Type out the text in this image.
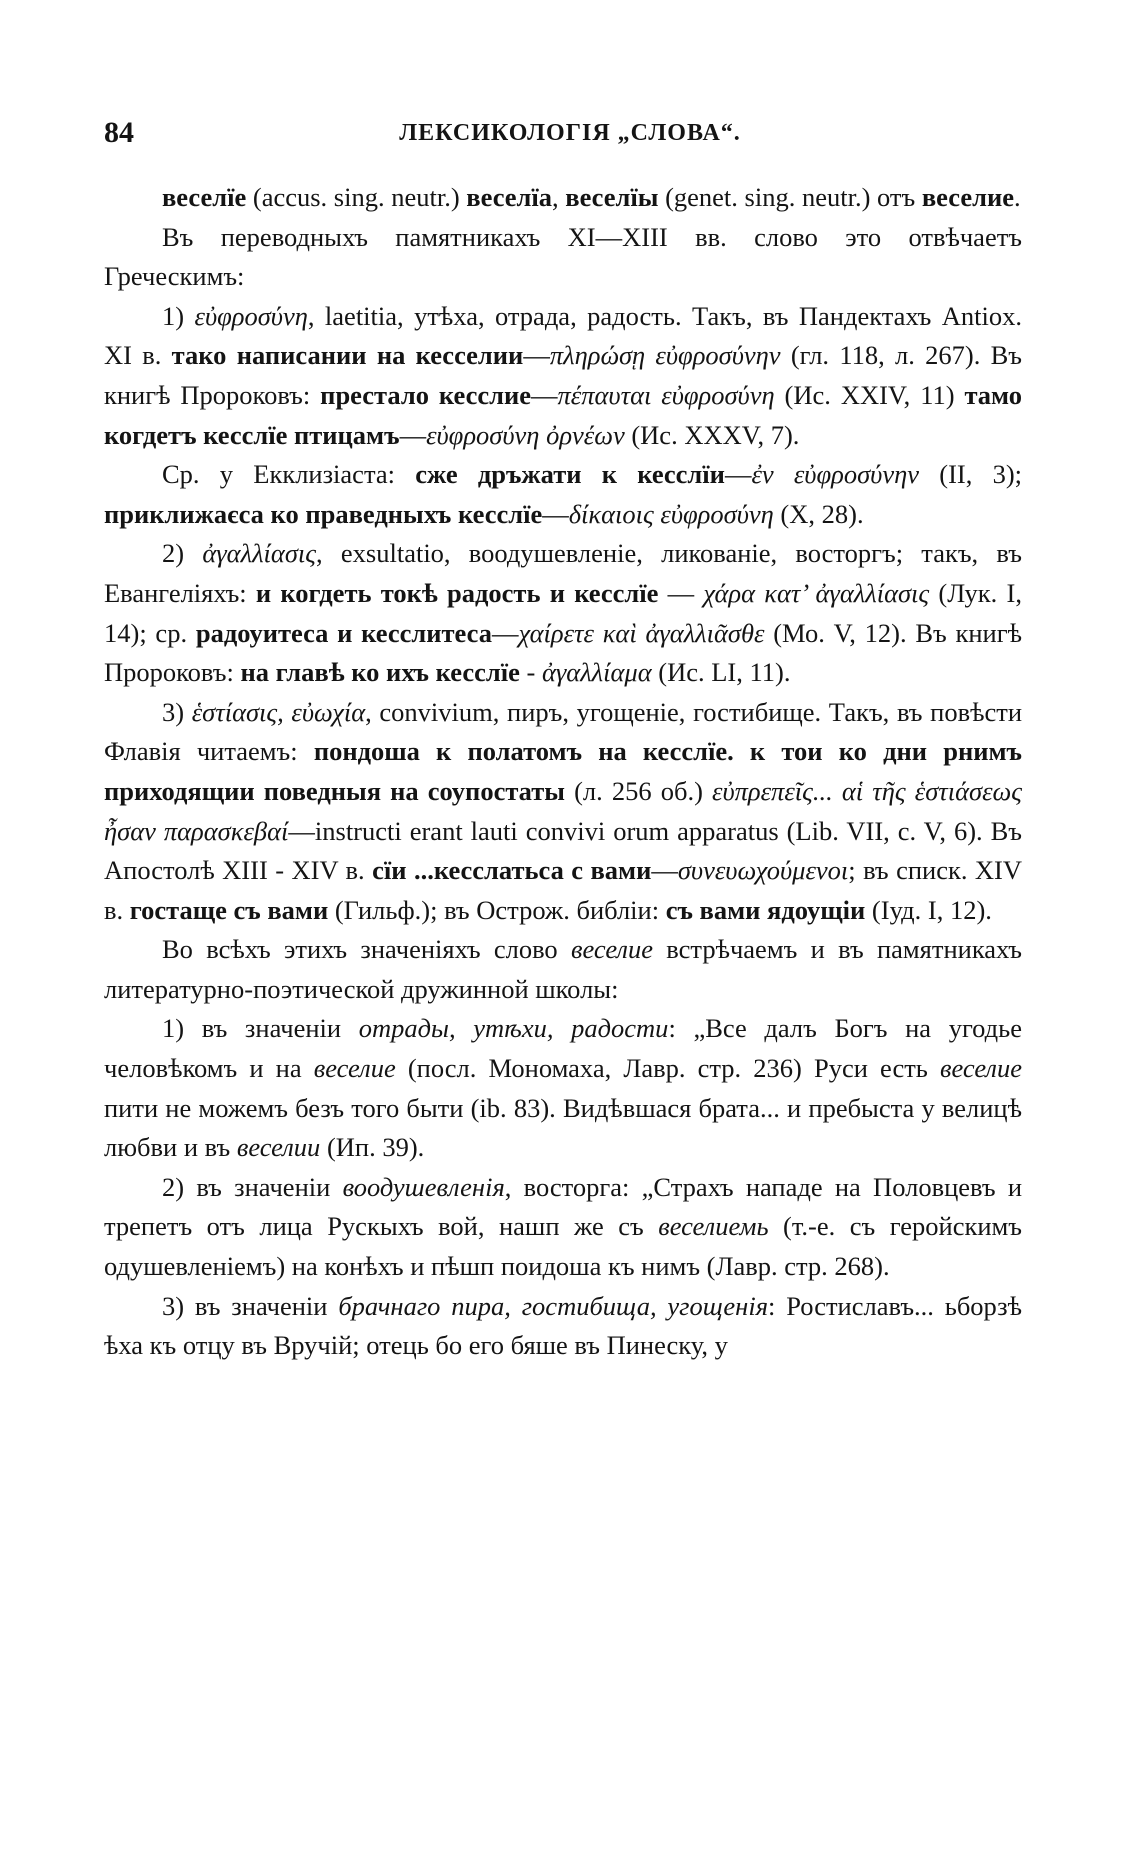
84	ЛЕКСИКОЛОГІЯ „СЛОВА“.

веселїе (accus. sing. neutr.) веселїа, веселїы (genet. sing. neutr.) отъ веселие.

Въ переводныхъ памятникахъ XI—XIII вв. слово это отвѣчаетъ Греческимъ:

1) εὐφροσύνη, laetitia, утѣха, отрада, радость. Такъ, въ Пандектахъ Antioх. XI в. тако написании на кесселии—πληρώσῃ εὐφροσύνην (гл. 118, л. 267). Въ книгѣ Пророковъ: престало кесслие—πέπαυται εὐφροσύνη (Ис. XXIV, 11) тамо когдетъ кесслїе птицамъ—εὐφροσύνη ὀρνέων (Ис. XXXV, 7).

Ср. у Екклизіаста: сже дръжати к кесслїи—ἐν εὐφροσύνην (II, 3); приклижаєса ко праведныхъ кесслїе—δίκαιοις εὐφροσύνη (X, 28).

2) ἀγαλλίασις, exsultatio, воодушевленіе, ликованіе, восторгъ; такъ, въ Евангеліяхъ: и когдеть токѣ радость и кесслїе — χάρα κατ’ ἀγαλλίασις (Лук. I, 14); ср. радоуитеса и кесслитеса—χαίρετε καὶ ἀγαλλιᾶσθε (Мо. V, 12). Въ книгѣ Пророковъ: на главѣ ко ихъ кесслїе - ἀγαλλίαμα (Ис. LI, 11).

3) ἑστίασις, εὐωχία, convivium, пиръ, угощеніе, гостибище. Такъ, въ повѣсти Флавія читаемъ: пондоша к полатомъ на кесслїе. к тои ко дни рнимъ приходящии поведныя на соупостаты (л. 256 об.) εὐπρεπεῖς... αἱ τῆς ἑστιάσεως ἦσαν παρασκεβαί—instructi erant lauti convivi orum apparatus (Lib. VII, c. V, 6). Въ Апостолѣ XIII - XIV в. сїи ...кесслатьса с вами—συνευωχούμενοι; въ списк. XIV в. гостаще съ вами (Гильф.); въ Острож. библіи: съ вами ядоущіи (Іуд. I, 12).

Во всѣхъ этихъ значеніяхъ слово веселие встрѣчаемъ и въ памятникахъ литературно-поэтической дружинной школы:

1) въ значеніи отрады, утѣхи, радости: „Все далъ Богъ на угодье человѣкомъ и на веселие (посл. Мономаха, Лавр. стр. 236) Руси есть веселие пити не можемъ безъ того быти (ib. 83). Видѣвшася брата... и пребыста у велицѣ любви и въ веселии (Ип. 39).

2) въ значеніи воодушевленія, восторга: „Страхъ нападе на Половцевъ и трепетъ отъ лица Рускыхъ вой, нашп же съ веселиемь (т.-е. съ геройскимъ одушевленіемъ) на конѣхъ и пѣшп поидоша къ нимъ (Лавр. стр. 268).

3) въ значеніи брачнаго пира, гостибища, угощенія: Ростиславъ... ьборзѣ ѣха къ отцу въ Вручій; отець бо его бяше въ Пинеску, у
